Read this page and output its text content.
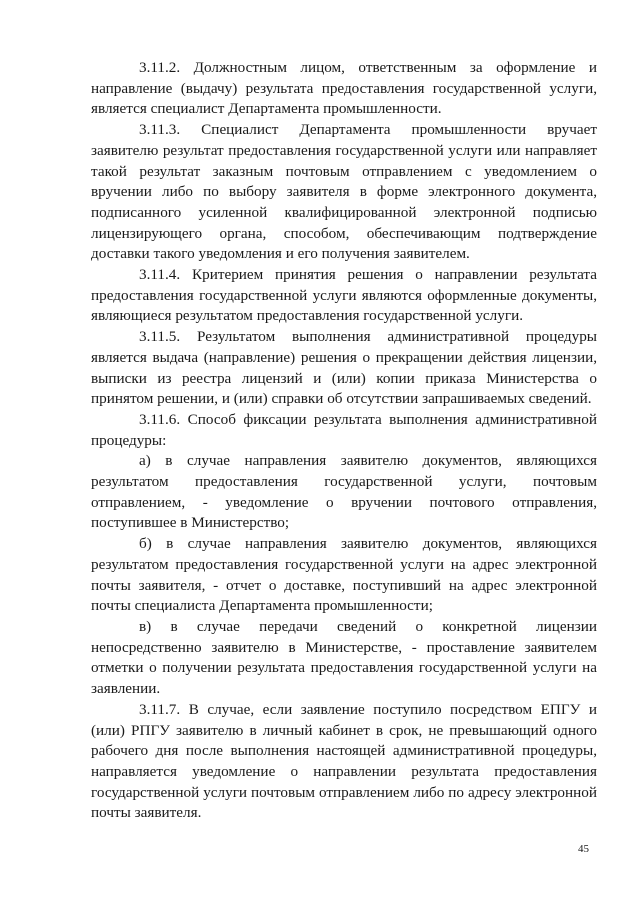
3.11.2. Должностным лицом, ответственным за оформление и направление (выдачу) результата предоставления государственной услуги, является специалист Департамента промышленности.

3.11.3. Специалист Департамента промышленности вручает заявителю результат предоставления государственной услуги или направляет такой результат заказным почтовым отправлением с уведомлением о вручении либо по выбору заявителя в форме электронного документа, подписанного усиленной квалифицированной электронной подписью лицензирующего органа, способом, обеспечивающим подтверждение доставки такого уведомления и его получения заявителем.

3.11.4. Критерием принятия решения о направлении результата предоставления государственной услуги являются оформленные документы, являющиеся результатом предоставления государственной услуги.

3.11.5. Результатом выполнения административной процедуры является выдача (направление) решения о прекращении действия лицензии, выписки из реестра лицензий и (или) копии приказа Министерства о принятом решении, и (или) справки об отсутствии запрашиваемых сведений.

3.11.6. Способ фиксации результата выполнения административной процедуры:

а) в случае направления заявителю документов, являющихся результатом предоставления государственной услуги, почтовым отправлением, - уведомление о вручении почтового отправления, поступившее в Министерство;

б) в случае направления заявителю документов, являющихся результатом предоставления государственной услуги на адрес электронной почты заявителя, - отчет о доставке, поступивший на адрес электронной почты специалиста Департамента промышленности;

в) в случае передачи сведений о конкретной лицензии непосредственно заявителю в Министерстве, - проставление заявителем отметки о получении результата предоставления государственной услуги на заявлении.

3.11.7. В случае, если заявление поступило посредством ЕПГУ и (или) РПГУ заявителю в личный кабинет в срок, не превышающий одного рабочего дня после выполнения настоящей административной процедуры, направляется уведомление о направлении результата предоставления государственной услуги почтовым отправлением либо по адресу электронной почты заявителя.

45
